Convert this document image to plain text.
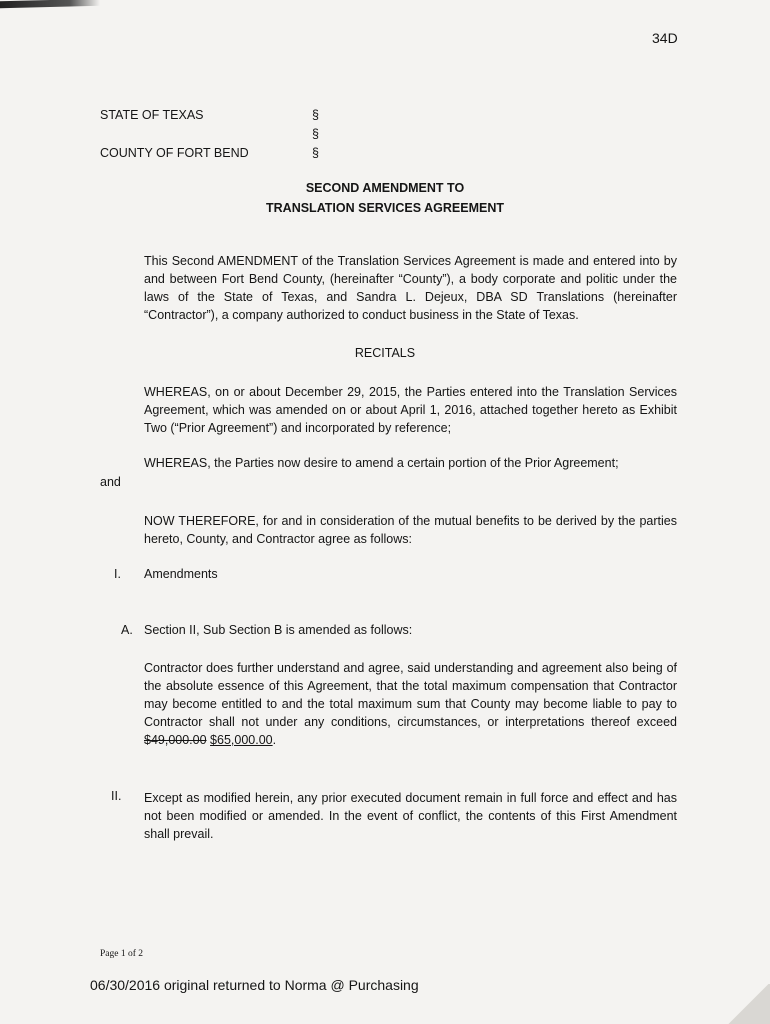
34D
STATE OF TEXAS
COUNTY OF FORT BEND
§
§
§
SECOND AMENDMENT TO
TRANSLATION SERVICES AGREEMENT

This Second AMENDMENT of the Translation Services Agreement is made and entered into by and between Fort Bend County, (hereinafter “County”), a body corporate and politic under the laws of the State of Texas, and Sandra L. Dejeux, DBA SD Translations (hereinafter “Contractor”), a company authorized to conduct business in the State of Texas.

RECITALS

WHEREAS, on or about December 29, 2015, the Parties entered into the Translation Services Agreement, which was amended on or about April 1, 2016, attached together hereto as Exhibit Two (“Prior Agreement”) and incorporated by reference;

WHEREAS, the Parties now desire to amend a certain portion of the Prior Agreement;
and

NOW THEREFORE, for and in consideration of the mutual benefits to be derived by the parties hereto, County, and Contractor agree as follows:

I. Amendments
A. Section II, Sub Section B is amended as follows:

Contractor does further understand and agree, said understanding and agreement also being of the absolute essence of this Agreement, that the total maximum compensation that Contractor may become entitled to and the total maximum sum that County may become liable to pay to Contractor shall not under any conditions, circumstances, or interpretations thereof exceed $49,000.00 $65,000.00.

II. Except as modified herein, any prior executed document remain in full force and effect and has not been modified or amended. In the event of conflict, the contents of this First Amendment shall prevail.

Page 1 of 2
06/30/2016 original returned to Norma @ Purchasing
